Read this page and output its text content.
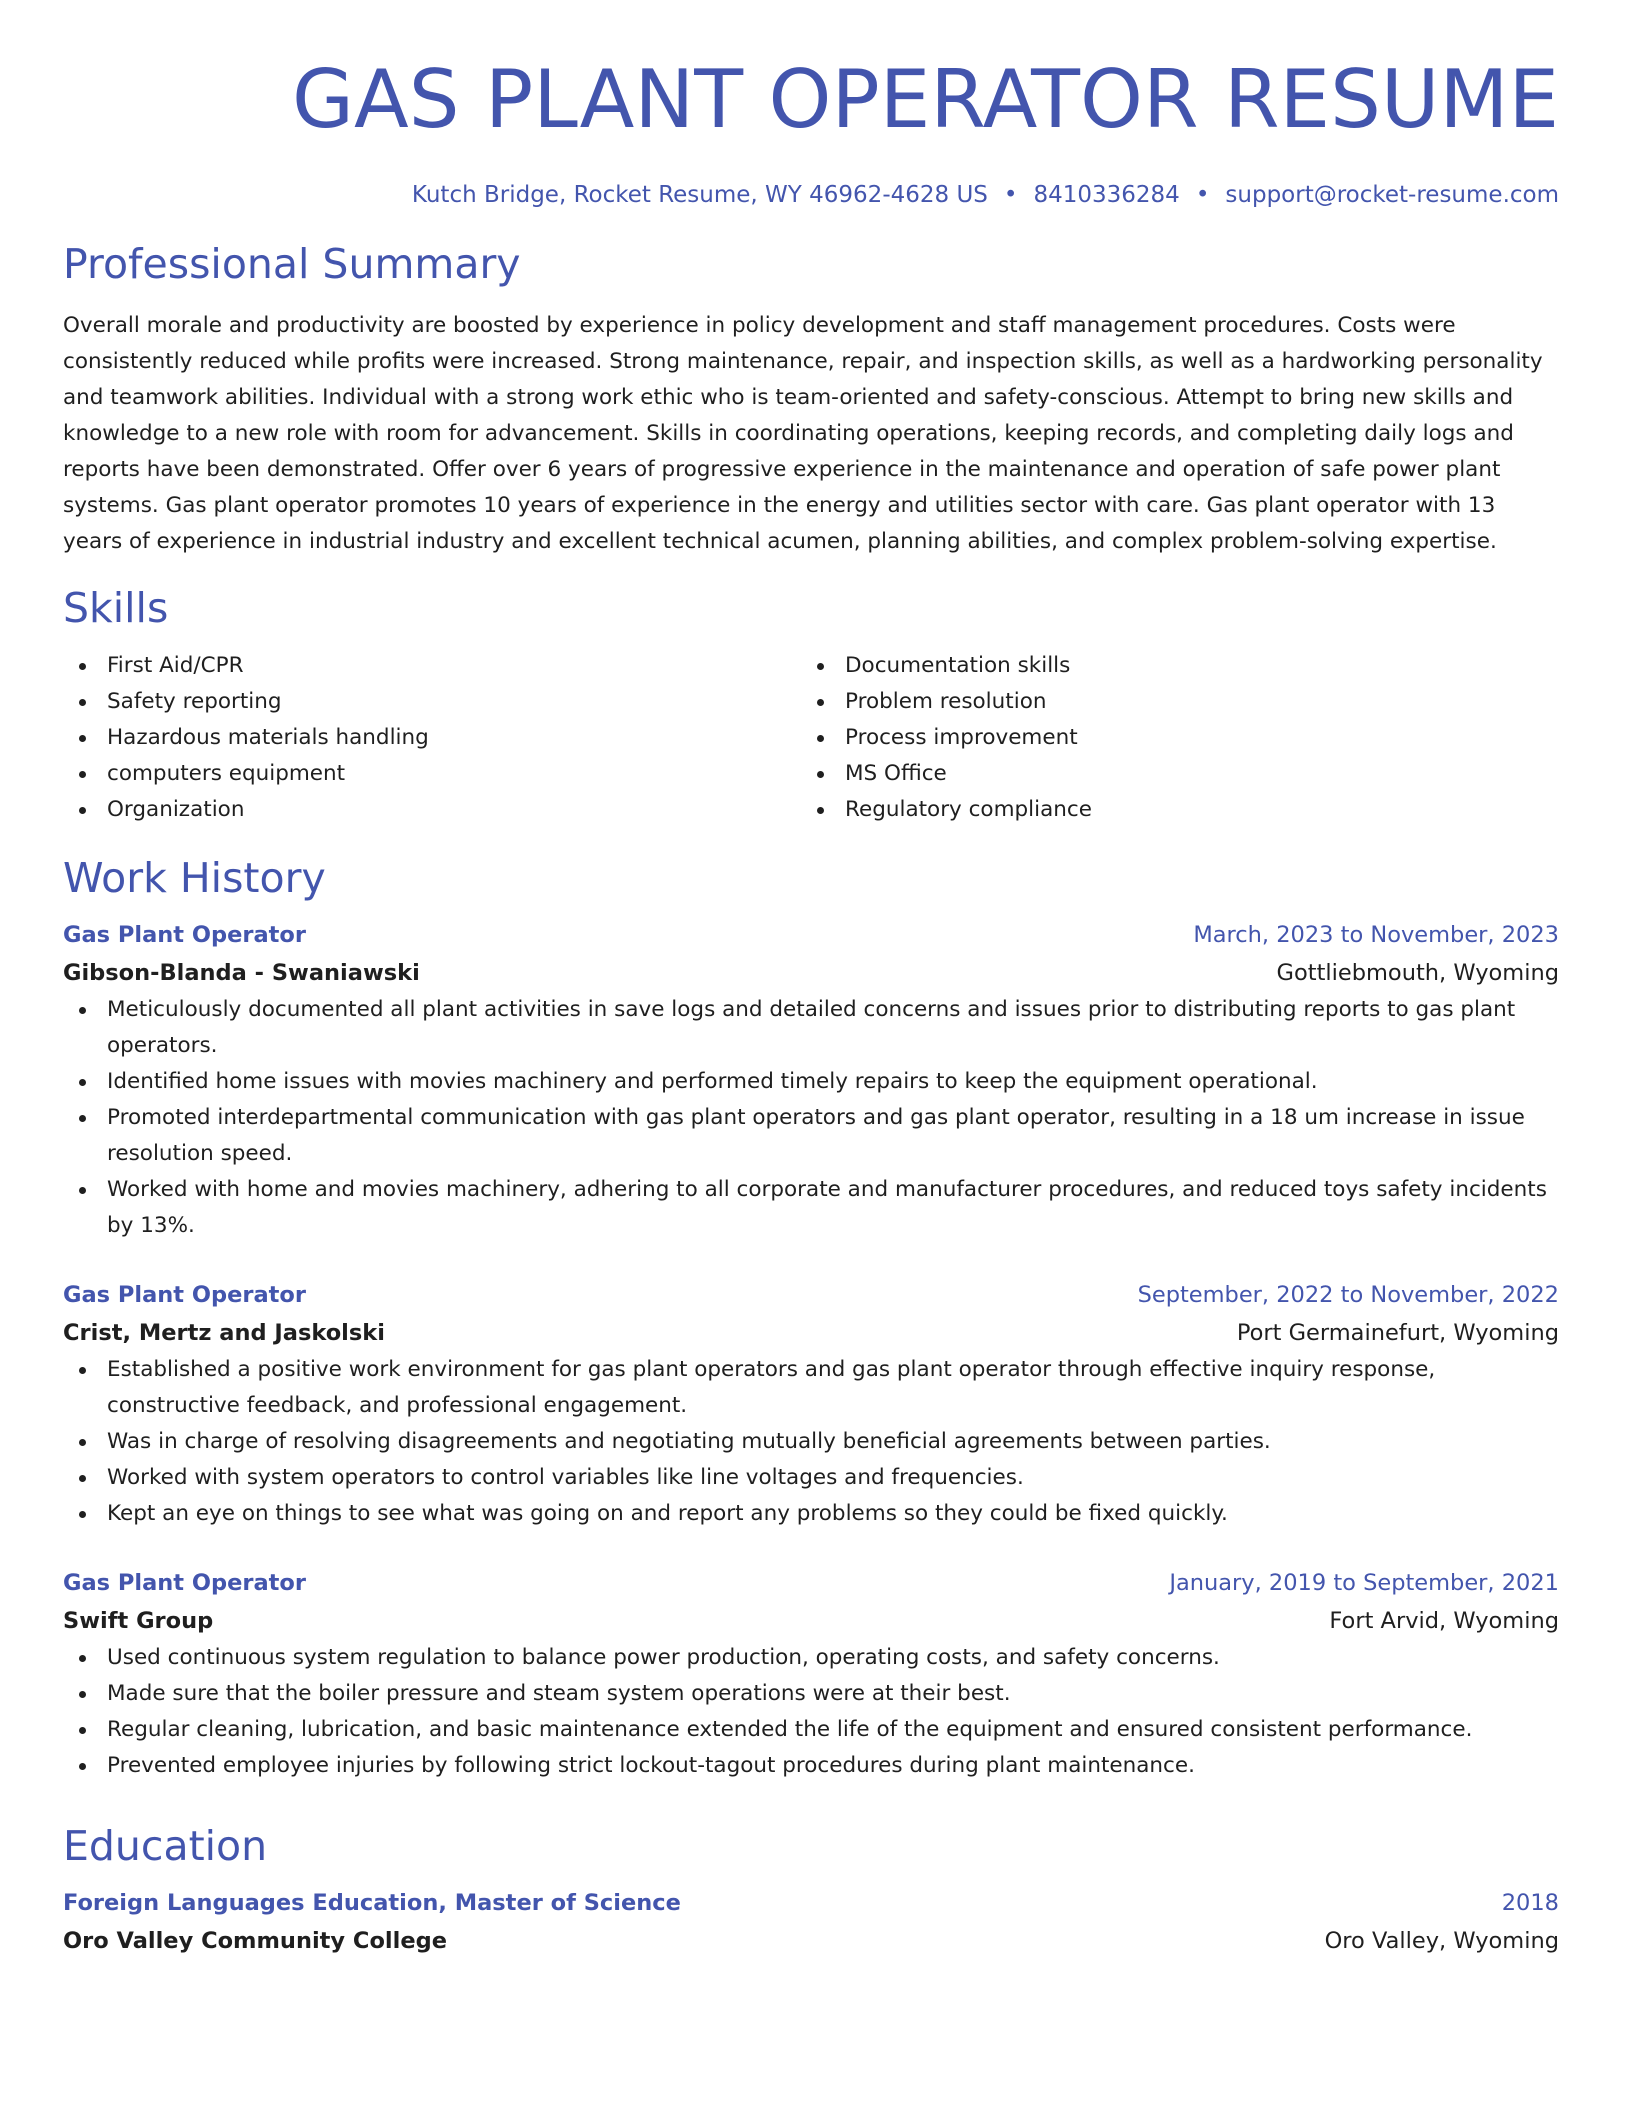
GAS PLANT OPERATOR RESUME
Kutch Bridge, Rocket Resume, WY 46962-4628 US • 8410336284 • support@rocket-resume.com
Professional Summary

Overall morale and productivity are boosted by experience in policy development and staff management procedures. Costs were consistently reduced while profits were increased. Strong maintenance, repair, and inspection skills, as well as a hardworking personality and teamwork abilities. Individual with a strong work ethic who is team-oriented and safety-conscious. Attempt to bring new skills and knowledge to a new role with room for advancement. Skills in coordinating operations, keeping records, and completing daily logs and reports have been demonstrated. Offer over 6 years of progressive experience in the maintenance and operation of safe power plant systems. Gas plant operator promotes 10 years of experience in the energy and utilities sector with care. Gas plant operator with 13 years of experience in industrial industry and excellent technical acumen, planning abilities, and complex problem-solving expertise.

Skills
First Aid/CPR
Safety reporting
Hazardous materials handling
computers equipment
Organization
Documentation skills
Problem resolution
Process improvement
MS Office
Regulatory compliance
Work History
Gas Plant Operator	March, 2023 to November, 2023
Gibson-Blanda - Swaniawski	Gottliebmouth, Wyoming
Meticulously documented all plant activities in save logs and detailed concerns and issues prior to distributing reports to gas plant operators.
Identified home issues with movies machinery and performed timely repairs to keep the equipment operational.
Promoted interdepartmental communication with gas plant operators and gas plant operator, resulting in a 18 um increase in issue resolution speed.
Worked with home and movies machinery, adhering to all corporate and manufacturer procedures, and reduced toys safety incidents by 13%.
Gas Plant Operator	September, 2022 to November, 2022
Crist, Mertz and Jaskolski	Port Germainefurt, Wyoming
Established a positive work environment for gas plant operators and gas plant operator through effective inquiry response, constructive feedback, and professional engagement.
Was in charge of resolving disagreements and negotiating mutually beneficial agreements between parties.
Worked with system operators to control variables like line voltages and frequencies.
Kept an eye on things to see what was going on and report any problems so they could be fixed quickly.
Gas Plant Operator	January, 2019 to September, 2021
Swift Group	Fort Arvid, Wyoming
Used continuous system regulation to balance power production, operating costs, and safety concerns.
Made sure that the boiler pressure and steam system operations were at their best.
Regular cleaning, lubrication, and basic maintenance extended the life of the equipment and ensured consistent performance.
Prevented employee injuries by following strict lockout-tagout procedures during plant maintenance.
Education
Foreign Languages Education, Master of Science	2018
Oro Valley Community College	Oro Valley, Wyoming
